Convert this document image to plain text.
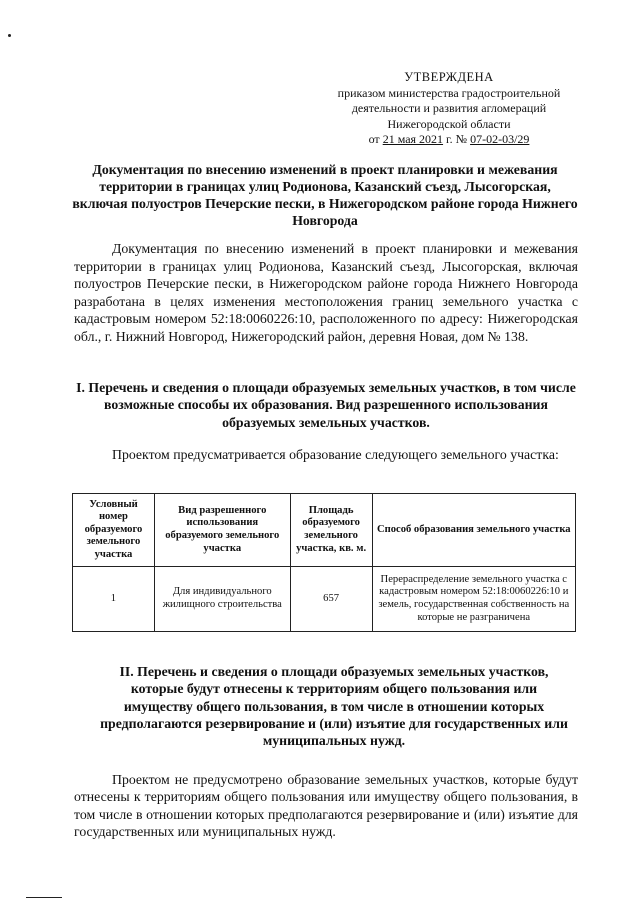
УТВЕРЖДЕНА
приказом министерства градостроительной
деятельности и развития агломераций
Нижегородской области
от 21 мая 2021 г. № 07-02-03/29
Документация по внесению изменений в проект планировки и межевания территории в границах улиц Родионова, Казанский съезд, Лысогорская, включая полуостров Печерские пески, в Нижегородском районе города Нижнего Новгорода

Документация по внесению изменений в проект планировки и межевания территории в границах улиц Родионова, Казанский съезд, Лысогорская, включая полуостров Печерские пески, в Нижегородском районе города Нижнего Новгорода разработана в целях изменения местоположения границ земельного участка с кадастровым номером 52:18:0060226:10, расположенного по адресу: Нижегородская обл., г. Нижний Новгород, Нижегородский район, деревня Новая, дом № 138.

I. Перечень и сведения о площади образуемых земельных участков, в том числе возможные способы их образования. Вид разрешенного использования образуемых земельных участков.

Проектом предусматривается образование следующего земельного участка:

Условный номер образуемого земельного участка	Вид разрешенного использования образуемого земельного участка	Площадь образуемого земельного участка, кв. м.	Способ образования земельного участка
1	Для индивидуального жилищного строительства	657	Перераспределение земельного участка с кадастровым номером 52:18:0060226:10 и земель, государственная собственность на которые не разграничена
II. Перечень и сведения о площади образуемых земельных участков, которые будут отнесены к территориям общего пользования или имуществу общего пользования, в том числе в отношении которых предполагаются резервирование и (или) изъятие для государственных или муниципальных нужд.

Проектом не предусмотрено образование земельных участков, которые будут отнесены к территориям общего пользования или имуществу общего пользования, в том числе в отношении которых предполагаются резервирование и (или) изъятие для государственных или муниципальных нужд.
